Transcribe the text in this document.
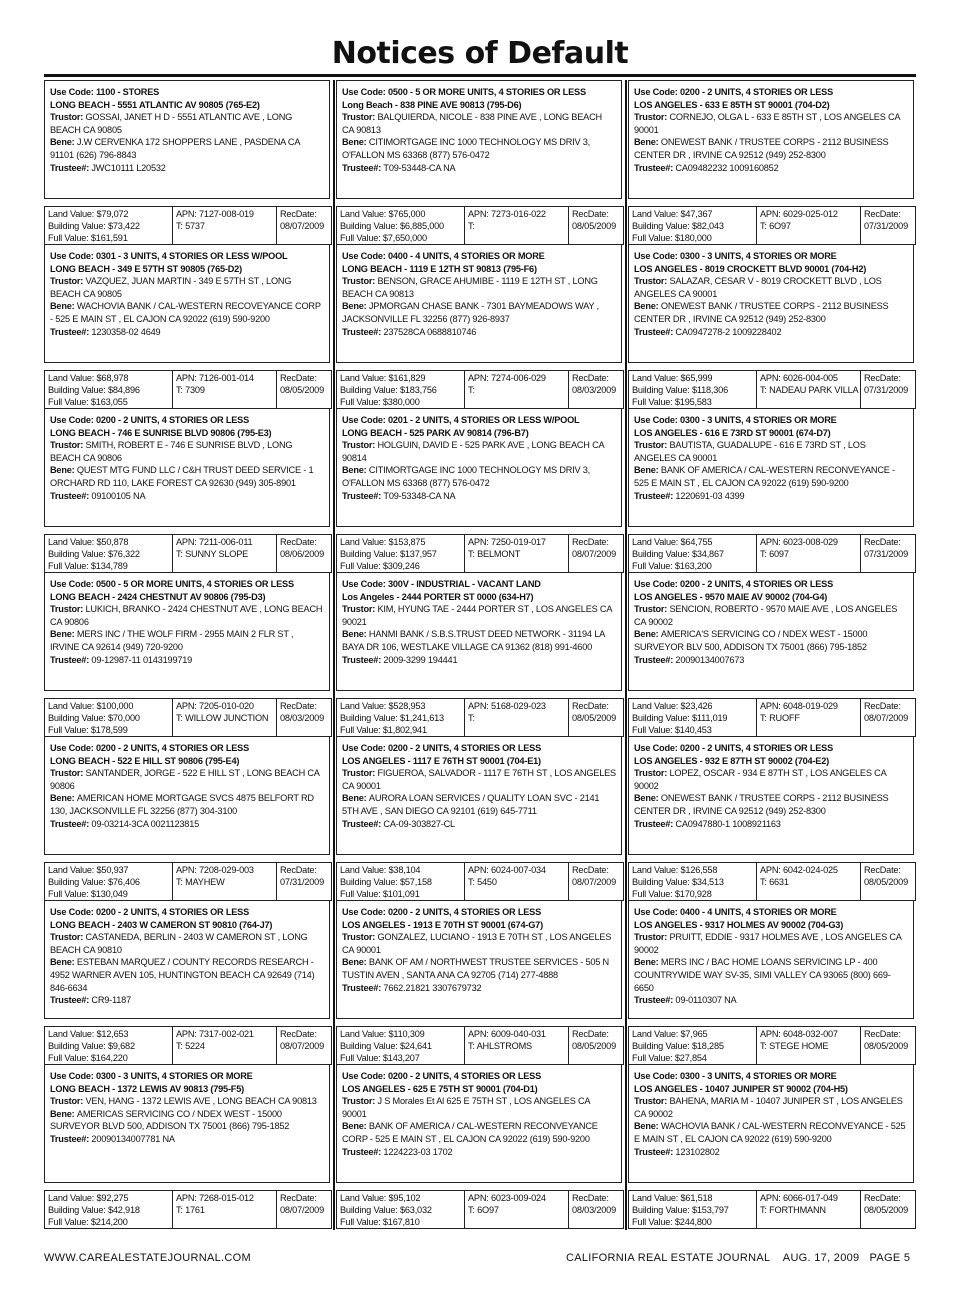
Notices of Default
Use Code: 1100 - STORES
LONG BEACH - 5551 ATLANTIC AV 90805 (765-E2)
Trustor: GOSSAI, JANET H D - 5551 ATLANTIC AVE , LONG BEACH CA 90805
Bene: J.W CERVENKA 172 SHOPPERS LANE , PASDENA CA 91101 (626) 796-8843
Trustee#: JWC10111 L20532
Land Value: $79,072
Building Value: $73,422
Full Value: $161,591
APN: 7127-008-019
T: 5737
RecDate:
08/07/2009
Use Code: 0301 - 3 UNITS, 4 STORIES OR LESS W/POOL
LONG BEACH - 349 E 57TH ST 90805 (765-D2)
Trustor: VAZQUEZ, JUAN MARTIN - 349 E 57TH ST , LONG BEACH CA 90805
Bene: WACHOVIA BANK / CAL-WESTERN RECOVEYANCE CORP - 525 E MAIN ST , EL CAJON CA 92022 (619) 590-9200
Trustee#: 1230358-02 4649
Land Value: $68,978
Building Value: $84,896
Full Value: $163,055
APN: 7126-001-014
T: 7309
RecDate:
08/05/2009
Use Code: 0200 - 2 UNITS, 4 STORIES OR LESS
LONG BEACH - 746 E SUNRISE BLVD 90806 (795-E3)
Trustor: SMITH, ROBERT E - 746 E SUNRISE BLVD , LONG BEACH CA 90806
Bene: QUEST MTG FUND LLC / C&H TRUST DEED SERVICE - 1 ORCHARD RD 110, LAKE FOREST CA 92630 (949) 305-8901
Trustee#: 09100105 NA
Land Value: $50,878
Building Value: $76,322
Full Value: $134,789
APN: 7211-006-011
T: SUNNY SLOPE
RecDate:
08/06/2009
Use Code: 0500 - 5 OR MORE UNITS, 4 STORIES OR LESS
LONG BEACH - 2424 CHESTNUT AV 90806 (795-D3)
Trustor: LUKICH, BRANKO - 2424 CHESTNUT AVE , LONG BEACH CA 90806
Bene: MERS INC / THE WOLF FIRM - 2955 MAIN 2 FLR ST , IRVINE CA 92614 (949) 720-9200
Trustee#: 09-12987-11 0143199719
Land Value: $100,000
Building Value: $70,000
Full Value: $178,599
APN: 7205-010-020
T: WILLOW JUNCTION
RecDate:
08/03/2009
Use Code: 0200 - 2 UNITS, 4 STORIES OR LESS
LONG BEACH - 522 E HILL ST 90806 (795-E4)
Trustor: SANTANDER, JORGE - 522 E HILL ST , LONG BEACH CA 90806
Bene: AMERICAN HOME MORTGAGE SVCS 4875 BELFORT RD 130, JACKSONVILLE FL 32256 (877) 304-3100
Trustee#: 09-03214-3CA 0021123815
Land Value: $50,937
Building Value: $76,406
Full Value: $130,049
APN: 7208-029-003
T: MAYHEW
RecDate:
07/31/2009
Use Code: 0200 - 2 UNITS, 4 STORIES OR LESS
LONG BEACH - 2403 W CAMERON ST 90810 (764-J7)
Trustor: CASTANEDA, BERLIN - 2403 W CAMERON ST , LONG BEACH CA 90810
Bene: ESTEBAN MARQUEZ / COUNTY RECORDS RESEARCH - 4952 WARNER AVEN 105, HUNTINGTON BEACH CA 92649 (714) 846-6634
Trustee#: CR9-1187
Land Value: $12,653
Building Value: $9,682
Full Value: $164,220
APN: 7317-002-021
T: 5224
RecDate:
08/07/2009
Use Code: 0300 - 3 UNITS, 4 STORIES OR MORE
LONG BEACH - 1372 LEWIS AV 90813 (795-F5)
Trustor: VEN, HANG - 1372 LEWIS AVE , LONG BEACH CA 90813
Bene: AMERICAS SERVICING CO / NDEX WEST - 15000 SURVEYOR BLVD 500, ADDISON TX 75001 (866) 795-1852
Trustee#: 20090134007781 NA
Land Value: $92,275
Building Value: $42,918
Full Value: $214,200
APN: 7268-015-012
T: 1761
RecDate:
08/07/2009
Use Code: 0500 - 5 OR MORE UNITS, 4 STORIES OR LESS
Long Beach - 838 PINE AVE 90813 (795-D6)
Trustor: BALQUIERDA, NICOLE - 838 PINE AVE , LONG BEACH CA 90813
Bene: CITIMORTGAGE INC 1000 TECHNOLOGY MS DRIV 3, O'FALLON MS 63368 (877) 576-0472
Trustee#: T09-53448-CA NA
Land Value: $765,000
Building Value: $6,885,000
Full Value: $7,650,000
APN: 7273-016-022
T:
RecDate:
08/05/2009
Use Code: 0400 - 4 UNITS, 4 STORIES OR MORE
LONG BEACH - 1119 E 12TH ST 90813 (795-F6)
Trustor: BENSON, GRACE AHUMIBE - 1119 E 12TH ST , LONG BEACH CA 90813
Bene: JPMORGAN CHASE BANK - 7301 BAYMEADOWS WAY , JACKSONVILLE FL 32256 (877) 926-8937
Trustee#: 237528CA 0688810746
Land Value: $161,829
Building Value: $183,756
Full Value: $380,000
APN: 7274-006-029
T:
RecDate:
08/03/2009
Use Code: 0201 - 2 UNITS, 4 STORIES OR LESS W/POOL
LONG BEACH - 525 PARK AV 90814 (796-B7)
Trustor: HOLGUIN, DAVID E - 525 PARK AVE , LONG BEACH CA 90814
Bene: CITIMORTGAGE INC 1000 TECHNOLOGY MS DRIV 3, O'FALLON MS 63368 (877) 576-0472
Trustee#: T09-53348-CA NA
Land Value: $153,875
Building Value: $137,957
Full Value: $309,246
APN: 7250-019-017
T: BELMONT
RecDate:
08/07/2009
Use Code: 300V - INDUSTRIAL - VACANT LAND
Los Angeles - 2444 PORTER ST 0000 (634-H7)
Trustor: KIM, HYUNG TAE - 2444 PORTER ST , LOS ANGELES CA 90021
Bene: HANMI BANK / S.B.S.TRUST DEED NETWORK - 31194 LA BAYA DR 106, WESTLAKE VILLAGE CA 91362 (818) 991-4600
Trustee#: 2009-3299 194441
Land Value: $528,953
Building Value: $1,241,613
Full Value: $1,802,941
APN: 5168-029-023
T:
RecDate:
08/05/2009
Use Code: 0200 - 2 UNITS, 4 STORIES OR LESS
LOS ANGELES - 1117 E 76TH ST 90001 (704-E1)
Trustor: FIGUEROA, SALVADOR - 1117 E 76TH ST , LOS ANGELES CA 90001
Bene: AURORA LOAN SERVICES / QUALITY LOAN SVC - 2141 5TH AVE , SAN DIEGO CA 92101 (619) 645-7711
Trustee#: CA-09-303827-CL
Land Value: $38,104
Building Value: $57,158
Full Value: $101,091
APN: 6024-007-034
T: 5450
RecDate:
08/07/2009
Use Code: 0200 - 2 UNITS, 4 STORIES OR LESS
LOS ANGELES - 1913 E 70TH ST 90001 (674-G7)
Trustor: GONZALEZ, LUCIANO - 1913 E 70TH ST , LOS ANGELES CA 90001
Bene: BANK OF AM / NORTHWEST TRUSTEE SERVICES - 505 N TUSTIN AVEN , SANTA ANA CA 92705 (714) 277-4888
Trustee#: 7662.21821 3307679732
Land Value: $110,309
Building Value: $24,641
Full Value: $143,207
APN: 6009-040-031
T: AHLSTROMS
RecDate:
08/05/2009
Use Code: 0200 - 2 UNITS, 4 STORIES OR LESS
LOS ANGELES - 625 E 75TH ST 90001 (704-D1)
Trustor: J S Morales Et Al 625 E 75TH ST , LOS ANGELES CA 90001
Bene: BANK OF AMERICA / CAL-WESTERN RECONVEYANCE CORP - 525 E MAIN ST , EL CAJON CA 92022 (619) 590-9200
Trustee#: 1224223-03 1702
Land Value: $95,102
Building Value: $63,032
Full Value: $167,810
APN: 6023-009-024
T: 6O97
RecDate:
08/03/2009
Use Code: 0200 - 2 UNITS, 4 STORIES OR LESS
LOS ANGELES - 633 E 85TH ST 90001 (704-D2)
Trustor: CORNEJO, OLGA L - 633 E 85TH ST , LOS ANGELES CA 90001
Bene: ONEWEST BANK / TRUSTEE CORPS - 2112 BUSINESS CENTER DR , IRVINE CA 92512 (949) 252-8300
Trustee#: CA09482232 1009160852
Land Value: $47,367
Building Value: $82,043
Full Value: $180,000
APN: 6029-025-012
T: 6O97
RecDate:
07/31/2009
Use Code: 0300 - 3 UNITS, 4 STORIES OR MORE
LOS ANGELES - 8019 CROCKETT BLVD 90001 (704-H2)
Trustor: SALAZAR, CESAR V - 8019 CROCKETT BLVD , LOS ANGELES CA 90001
Bene: ONEWEST BANK / TRUSTEE CORPS - 2112 BUSINESS CENTER DR , IRVINE CA 92512 (949) 252-8300
Trustee#: CA0947278-2 1009228402
Land Value: $65,999
Building Value: $118,306
Full Value: $195,583
APN: 6026-004-005
T: NADEAU PARK VILLA
RecDate:
07/31/2009
Use Code: 0300 - 3 UNITS, 4 STORIES OR MORE
LOS ANGELES - 616 E 73RD ST 90001 (674-D7)
Trustor: BAUTISTA, GUADALUPE - 616 E 73RD ST , LOS ANGELES CA 90001
Bene: BANK OF AMERICA / CAL-WESTERN RECONVEYANCE - 525 E MAIN ST , EL CAJON CA 92022 (619) 590-9200
Trustee#: 1220691-03 4399
Land Value: $64,755
Building Value: $34,867
Full Value: $163,200
APN: 6023-008-029
T: 6097
RecDate:
07/31/2009
Use Code: 0200 - 2 UNITS, 4 STORIES OR LESS
LOS ANGELES - 9570 MAIE AV 90002 (704-G4)
Trustor: SENCION, ROBERTO - 9570 MAIE AVE , LOS ANGELES CA 90002
Bene: AMERICA'S SERVICING CO / NDEX WEST - 15000 SURVEYOR BLV 500, ADDISON TX 75001 (866) 795-1852
Trustee#: 20090134007673
Land Value: $23,426
Building Value: $111,019
Full Value: $140,453
APN: 6048-019-029
T: RUOFF
RecDate:
08/07/2009
Use Code: 0200 - 2 UNITS, 4 STORIES OR LESS
LOS ANGELES - 932 E 87TH ST 90002 (704-E2)
Trustor: LOPEZ, OSCAR - 934 E 87TH ST , LOS ANGELES CA 90002
Bene: ONEWEST BANK / TRUSTEE CORPS - 2112 BUSINESS CENTER DR , IRVINE CA 92512 (949) 252-8300
Trustee#: CA0947880-1 1008921163
Land Value: $126,558
Building Value: $34,513
Full Value: $170,928
APN: 6042-024-025
T: 6631
RecDate:
08/05/2009
Use Code: 0400 - 4 UNITS, 4 STORIES OR MORE
LOS ANGELES - 9317 HOLMES AV 90002 (704-G3)
Trustor: PRUITT, EDDIE - 9317 HOLMES AVE , LOS ANGELES CA 90002
Bene: MERS INC / BAC HOME LOANS SERVICING LP - 400 COUNTRYWIDE WAY SV-35, SIMI VALLEY CA 93065 (800) 669-6650
Trustee#: 09-0110307 NA
Land Value: $7,965
Building Value: $18,285
Full Value: $27,854
APN: 6048-032-007
T: STEGE HOME
RecDate:
08/05/2009
Use Code: 0300 - 3 UNITS, 4 STORIES OR MORE
LOS ANGELES - 10407 JUNIPER ST 90002 (704-H5)
Trustor: BAHENA, MARIA M - 10407 JUNIPER ST , LOS ANGELES CA 90002
Bene: WACHOVIA BANK / CAL-WESTERN RECONVEYANCE - 525 E MAIN ST , EL CAJON CA 92022 (619) 590-9200
Trustee#: 123102802
Land Value: $61,518
Building Value: $153,797
Full Value: $244,800
APN: 6066-017-049
T: FORTHMANN
RecDate:
08/05/2009
WWW.CAREALESTATEJOURNAL.COM	CALIFORNIA REAL ESTATE JOURNAL    AUG. 17, 2009   PAGE 5
